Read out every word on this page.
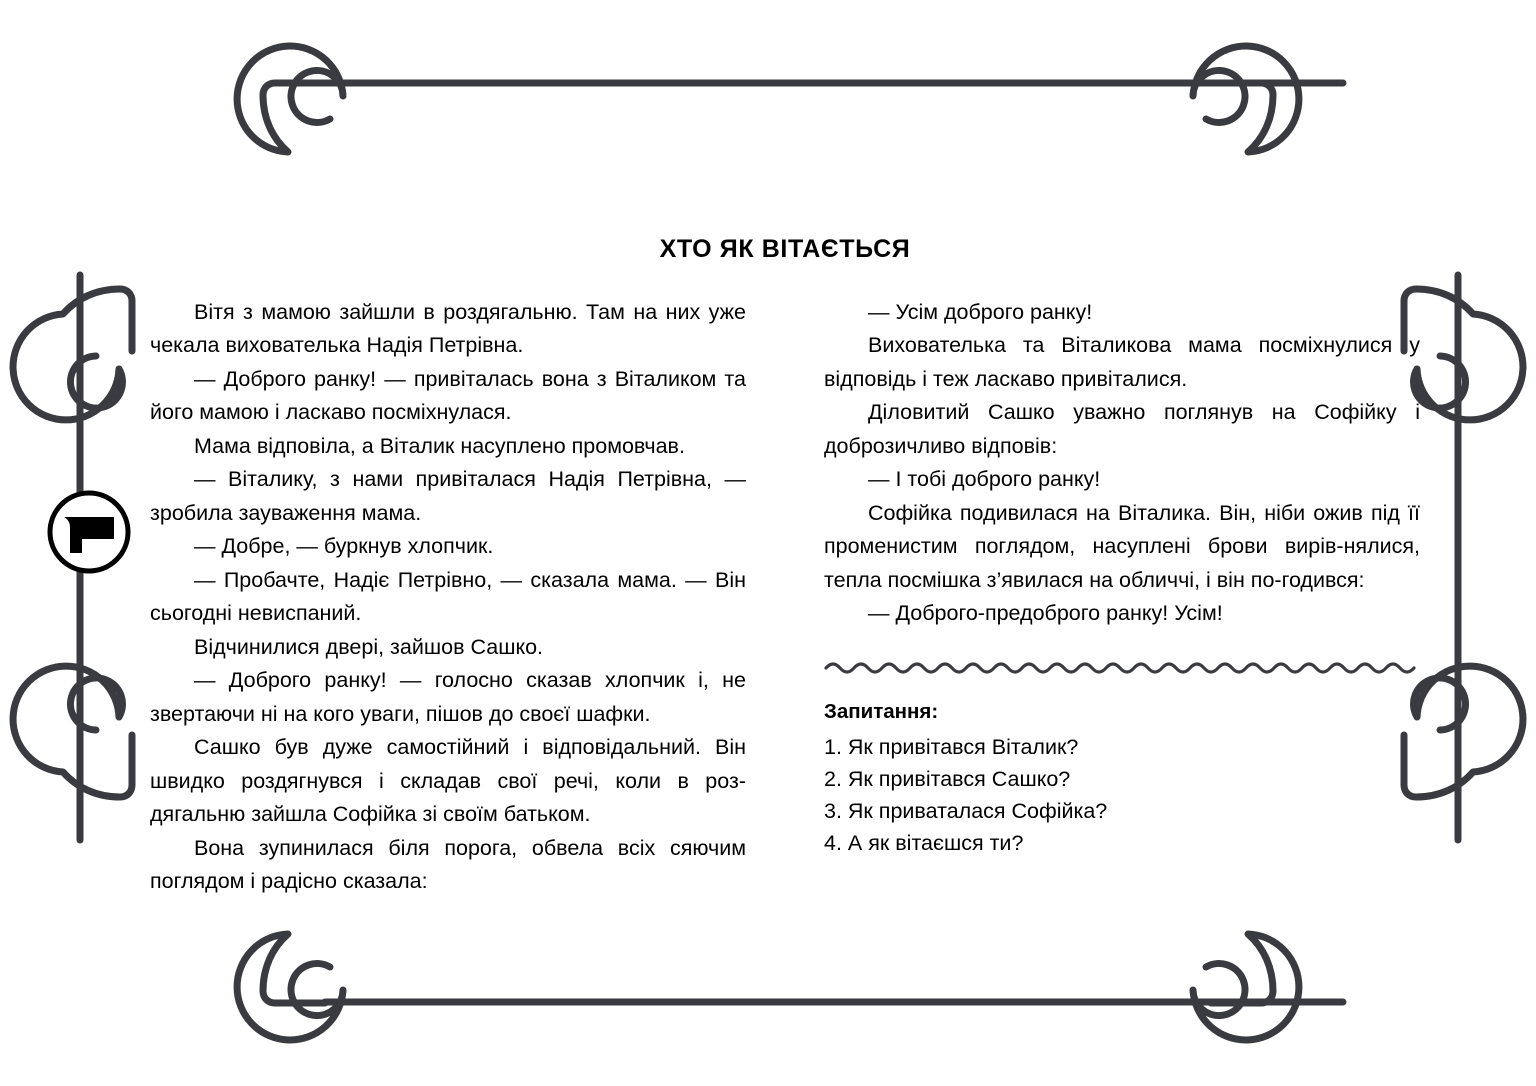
ХТО ЯК ВІТАЄТЬСЯ

Вітя з мамою зайшли в роздягальню. Там на них уже чекала вихователька Надія Петрівна.

— Доброго ранку! — привіталась вона з Віталиком та його мамою і ласкаво посміхнулася.

Мама відповіла, а Віталик насуплено промовчав.

— Віталику, з нами привіталася Надія Петрівна, — зробила зауваження мама.

— Добре, — буркнув хлопчик.

— Пробачте, Надіє Петрівно, — сказала мама. — Він сьогодні невиспаний.

Відчинилися двері, зайшов Сашко.

— Доброго ранку! — голосно сказав хлопчик і, не звертаючи ні на кого уваги, пішов до своєї шафки.

Сашко був дуже самостійний і відповідальний. Він швидко роздягнувся і складав свої речі, коли в роз-дягальню зайшла Софійка зі своїм батьком.

Вона зупинилася біля порога, обвела всіх сяючим поглядом і радісно сказала:

— Усім доброго ранку!

Вихователька та Віталикова мама посміхнулися у відповідь і теж ласкаво привіталися.

Діловитий Сашко уважно поглянув на Софійку і доброзичливо відповів:

— І тобі доброго ранку!

Софійка подивилася на Віталика. Він, ніби ожив під її променистим поглядом, насуплені брови вирів-нялися, тепла посмішка з’явилася на обличчі, і він по-годився:

— Доброго-предоброго ранку! Усім!

Запитання:

1. Як привітався Віталик?

2. Як привітався Сашко?

3. Як приваталася Софійка?

4. А як вітаєшся ти?
